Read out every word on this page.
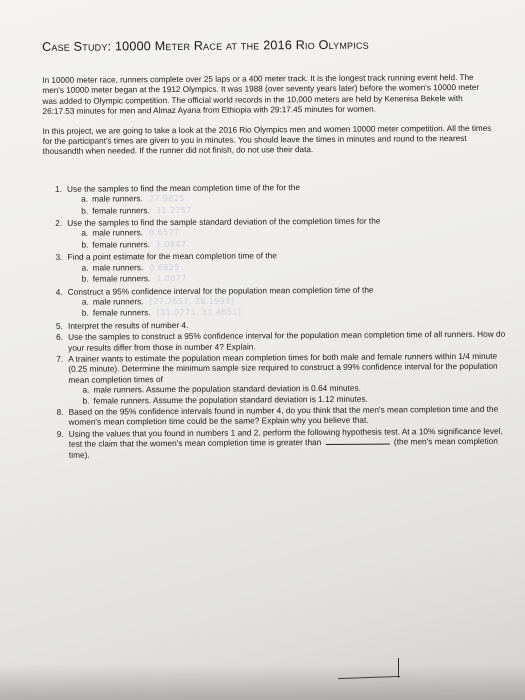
Case Study: 10000 Meter Race at the 2016 Rio Olympics

In 10000 meter race, runners complete over 25 laps or a 400 meter track. It is the longest track running event held. The men's 10000 meter began at the 1912 Olympics. It was 1988 (over seventy years later) before the women's 10000 meter was added to Olympic competition. The official world records in the 10,000 meters are held by Kenenisa Bekele with 26:17.53 minutes for men and Almaz Ayana from Ethiopia with 29:17.45 minutes for women.

In this project, we are going to take a look at the 2016 Rio Olympics men and women 10000 meter competition. All the times for the participant's times are given to you in minutes. You should leave the times in minutes and round to the nearest thousandth when needed. If the runner did not finish, do not use their data.

1. Use the samples to find the mean completion time of the for the
a. male runners. 27.9825
b. female runners. 31.2757
2. Use the samples to find the sample standard deviation of the completion times for the
a. male runners. 0.6577
b. female runners. 1.0847
3. Find a point estimate for the mean completion time of the
a. male runners. 0.6825
b. female runners. 1.0077
4. Construct a 95% confidence interval for the population mean completion time of the
a. male runners. [27.7657, 28.1993]
b. female runners. [31.0771, 31.4851]
5. Interpret the results of number 4.
6. Use the samples to construct a 95% confidence interval for the population mean completion time of all runners. How do your results differ from those in number 4? Explain.
7. A trainer wants to estimate the population mean completion times for both male and female runners within 1/4 minute (0.25 minute). Determine the minimum sample size required to construct a 99% confidence interval for the population mean completion times of
a. male runners. Assume the population standard deviation is 0.64 minutes.
b. female runners. Assume the population standard deviation is 1.12 minutes.
8. Based on the 95% confidence intervals found in number 4, do you think that the men's mean completion time and the women's mean completion time could be the same? Explain why you believe that.
9. Using the values that you found in numbers 1 and 2, perform the following hypothesis test. At a 10% significance level, test the claim that the women's mean completion time is greater than	(the men's mean completion time).
